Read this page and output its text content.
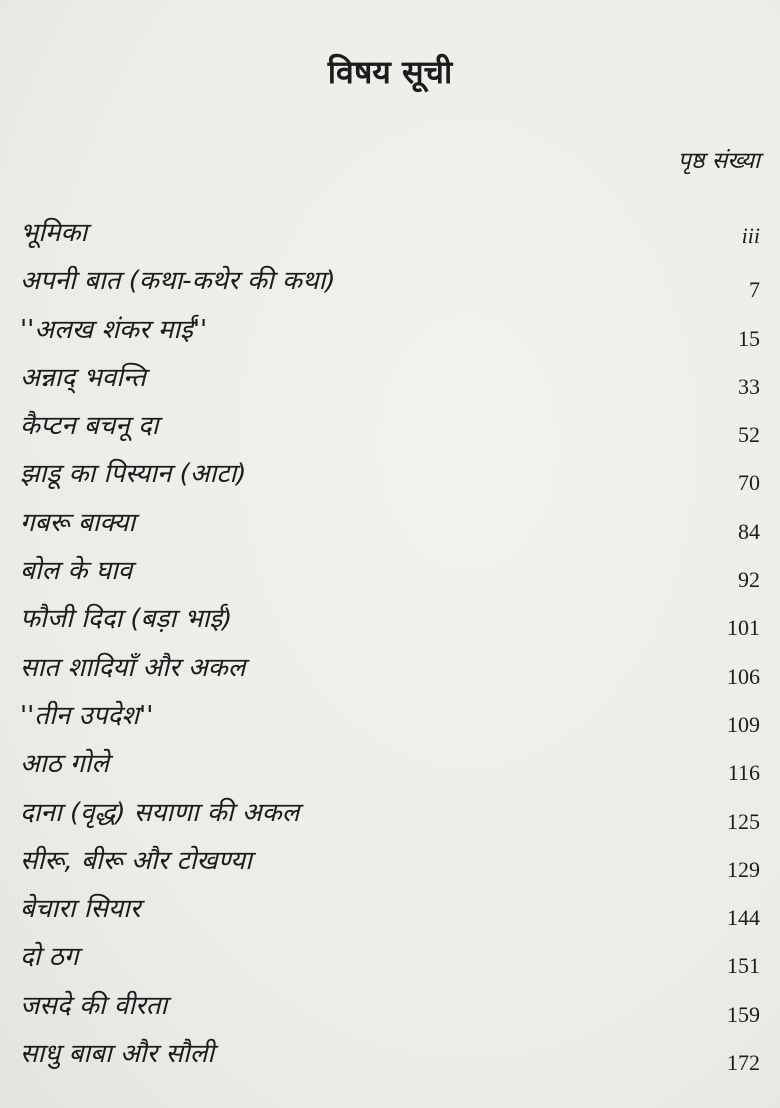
विषय सूची
पृष्ठ संख्या
भूमिका	iii
अपनी बात (कथा-कथेर की कथा)	7
''अलख शंकर माई''	15
अन्नाद् भवन्ति	33
कैप्टन बचनू दा	52
झाडू का पिस्यान (आटा)	70
गबरू बाक्या	84
बोल के घाव	92
फौजी दिदा (बड़ा भाई)	101
सात शादियाँ और अकल	106
''तीन उपदेश''	109
आठ गोले	116
दाना (वृद्ध) सयाणा की अकल	125
सीरू, बीरू और टोखण्या	129
बेचारा सियार	144
दो ठग	151
जसदे की वीरता	159
साधु बाबा और सौली	172
